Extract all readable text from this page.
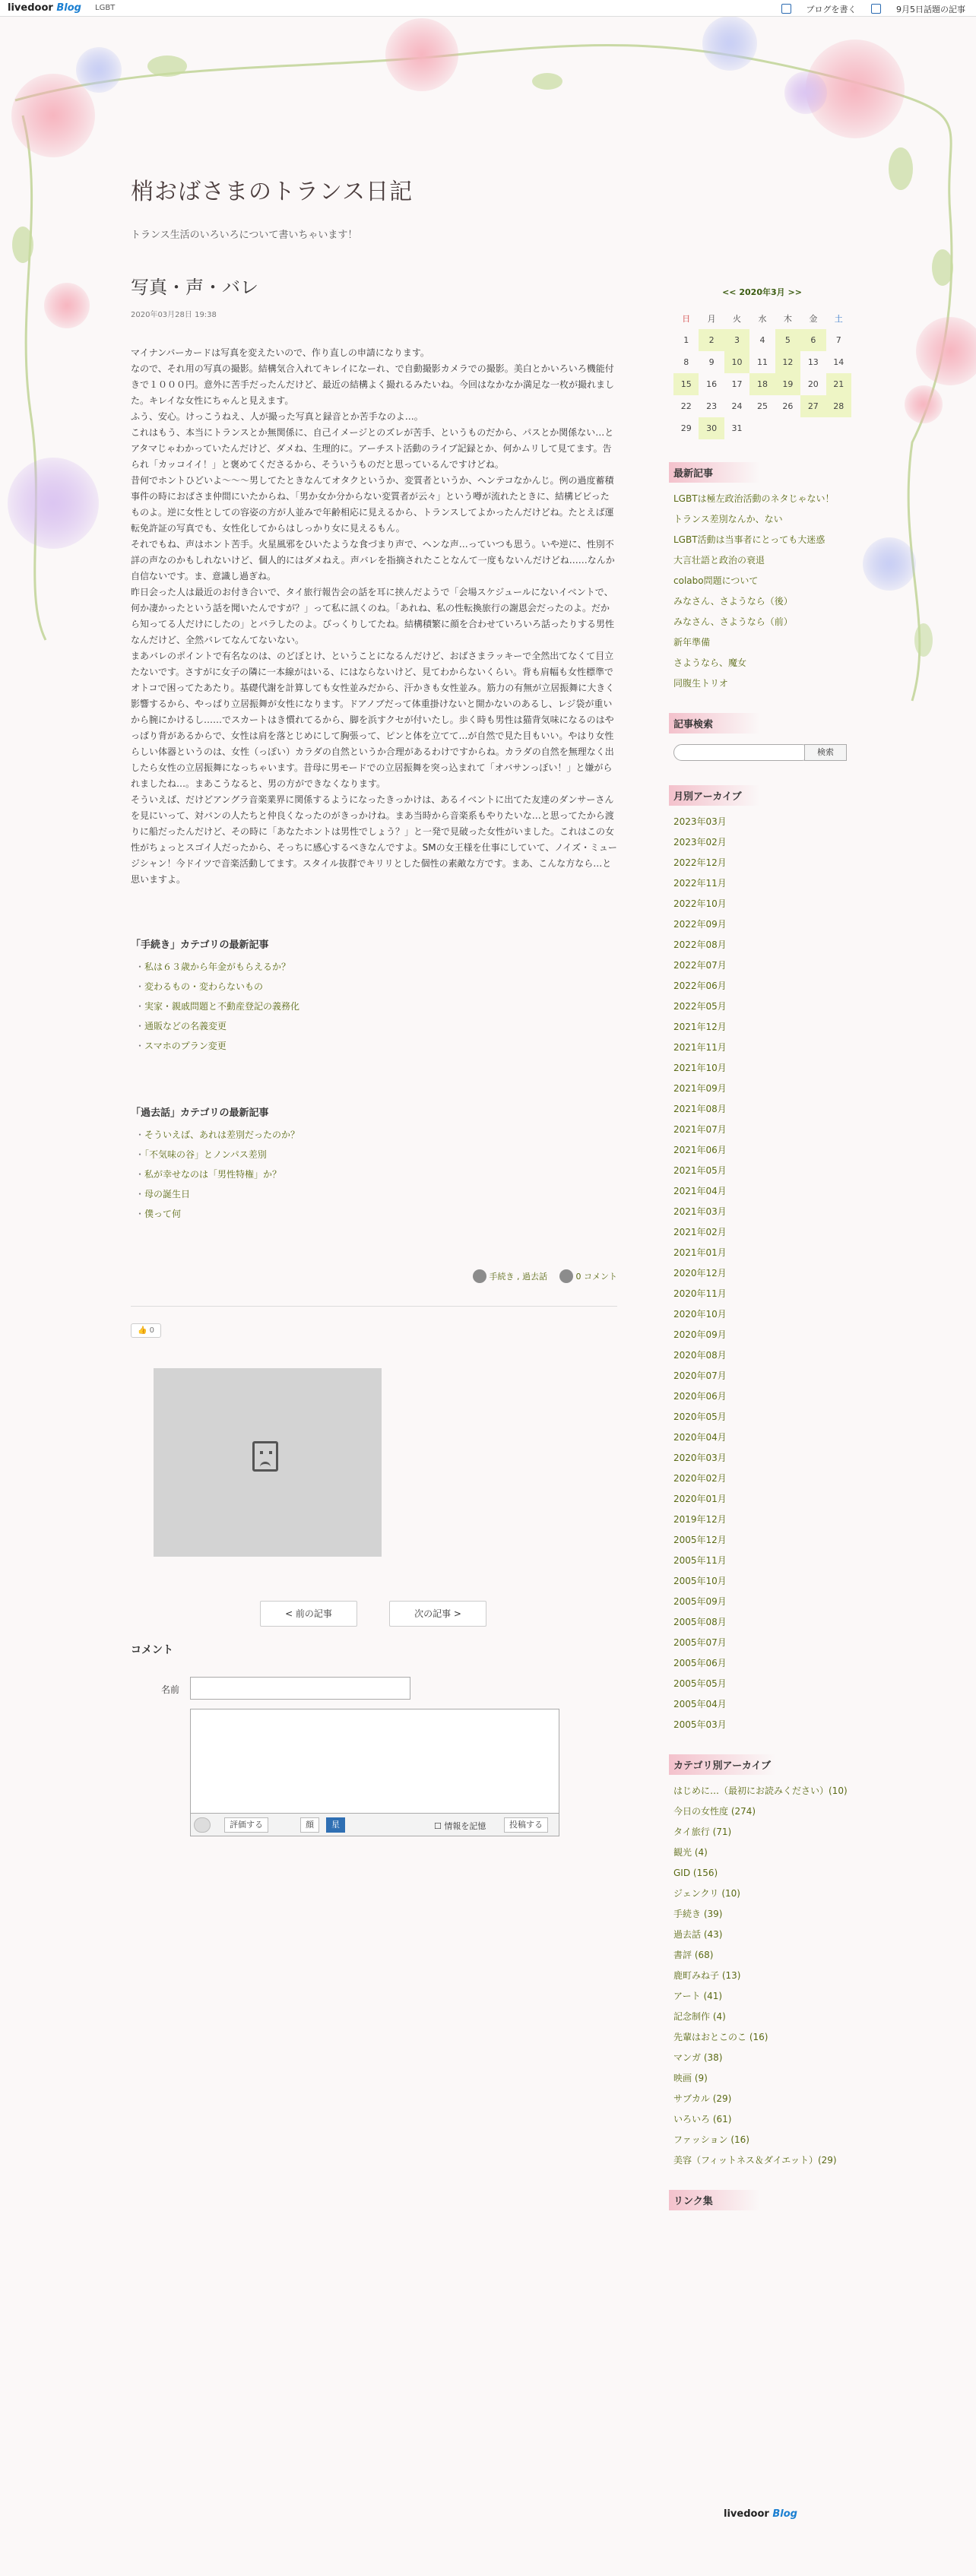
livedoor Blog LGBT	ブログを書く	9月5日話題の記事
梢おばさまのトランス日記
トランス生活のいろいろについて書いちゃいます！
写真・声・バレ
2020年03月28日 19:38

マイナンバーカードは写真を変えたいので、作り直しの申請になります。

なので、それ用の写真の撮影。結構気合入れてキレイになーれ、で自動撮影カメラでの撮影。美白とかいろいろ機能付きで１０００円。意外に苦手だったんだけど、最近の結構よく撮れるみたいね。今回はなかなか満足な一枚が撮れました。キレイな女性にちゃんと見えます。

ふう、安心。けっこうねえ、人が撮った写真と録音とか苦手なのよ…。

これはもう、本当にトランスとか無関係に、自己イメージとのズレが苦手、というものだから、パスとか関係ない…とアタマじゃわかっていたんだけど、ダメね、生理的に。アーチスト活動のライブ記録とか、何かムリして見てます。告られ「カッコイイ！」と褒めてくださるから、そういうものだと思っているんですけどね。

昔何でホントひどいよ〜〜〜男してたときなんてオタクというか、変質者というか、ヘンテコなかんじ。例の過度蓄積事件の時におばさま仲間にいたからね、「男か女か分からない変質者が云々」という噂が流れたときに、結構ビビったものよ。逆に女性としての容姿の方が人並みで年齢相応に見えるから、トランスしてよかったんだけどね。たとえば運転免許証の写真でも、女性化してからはしっかり女に見えるもん。

それでもね、声はホント苦手。火星風邪をひいたような食づまり声で、ヘンな声…っていつも思う。いや逆に、性別不詳の声なのかもしれないけど、個人的にはダメねえ。声バレを指摘されたことなんて一度もないんだけどね……なんか自信ないです。ま、意識し過ぎね。

昨日会った人は最近のお付き合いで、タイ旅行報告会の話を耳に挟んだようで「会場スケジュールにないイベントで、何か凄かったという話を聞いたんですが？」って私に訊くのね。「あれね、私の性転換旅行の謝恩会だったのよ。だから知ってる人だけにしたの」とバラしたのよ。びっくりしてたね。結構積繁に顔を合わせていろいろ話ったりする男性なんだけど、全然バレてなんてないない。

まあバレのポイントで有名なのは、のどぼとけ、ということになるんだけど、おばさまラッキーで全然出てなくて目立たないです。さすがに女子の隣に一本線がはいる、にはならないけど、見てわからないくらい。背も肩幅も女性標準でオトコで困ってたあたり。基礎代謝を計算しても女性並みだから、汗かきも女性並み。筋力の有無が立居振舞に大きく影響するから、やっぱり立居振舞が女性になります。ドアノブだって体重掛けないと開かないのあるし、レジ袋が重いから腕にかけるし……でスカートはき慣れてるから、脚を浜すクセが付いたし。歩く時も男性は猫背気味になるのはやっぱり背があるからで、女性は肩を落とじめにして胸張って、ピンと体を立てて…が自然で見た目もいい。やはり女性らしい体器というのは、女性（っぽい）カラダの自然というか合理があるわけですからね。カラダの自然を無理なく出したら女性の立居振舞になっちゃいます。昔母に男モードでの立居振舞を突っ込まれて「オバサンっぽい！」と嫌がられましたね…。まあこうなると、男の方ができなくなります。

そういえば、だけどアングラ音楽業界に関係するようになったきっかけは、あるイベントに出てた友達のダンサーさんを見にいって、対バンの人たちと仲良くなったのがきっかけね。まあ当時から音楽系もやりたいな…と思ってたから渡りに船だったんだけど、その時に「あなたホントは男性でしょう？」と一発で見破った女性がいました。これはこの女性がちょっとスゴイ人だったから、そっちに感心するべきなんですよ。SMの女王様を仕事にしていて、ノイズ・ミュージシャン！今ドイツで音楽活動してます。スタイル抜群でキリリとした個性の素敵な方です。まあ、こんな方なら…と思いますよ。

「手続き」カテゴリの最新記事
・ 私は６３歳から年金がもらえるか？
・ 変わるもの・変わらないもの
・ 実家・親戚問題と不動産登記の義務化
・ 通販などの名義変更
・ スマホのプラン変更
「過去話」カテゴリの最新記事
・ そういえば、あれは差別だったのか？
・ 「不気味の谷」とノンパス差別
・ 私が幸せなのは「男性特権」か？
・ 母の誕生日
・ 僕って何
手続き , 過去話	0 コメント
👍 0
< 前の記事	次の記事 >
コメント
名前
評価する	顔	星	☐ 情報を記憶	投稿する
<< 2020年3月 >>
日	月	火	水	木	金	土
1	2	3	4	5	6	7
8	9	10	11	12	13	14
15	16	17	18	19	20	21
22	23	24	25	26	27	28
29	30	31				
最新記事
LGBTは極左政治活動のネタじゃない！
トランス差別なんか、ない
LGBT活動は当事者にとっても大迷惑
大言壮語と政治の衰退
colabo問題について
みなさん、さようなら（後）
みなさん、さようなら（前）
新年準備
さようなら、魔女
同腹生トリオ
記事検索
検索
月別アーカイブ
2023年03月
2023年02月
2022年12月
2022年11月
2022年10月
2022年09月
2022年08月
2022年07月
2022年06月
2022年05月
2021年12月
2021年11月
2021年10月
2021年09月
2021年08月
2021年07月
2021年06月
2021年05月
2021年04月
2021年03月
2021年02月
2021年01月
2020年12月
2020年11月
2020年10月
2020年09月
2020年08月
2020年07月
2020年06月
2020年05月
2020年04月
2020年03月
2020年02月
2020年01月
2019年12月
2005年12月
2005年11月
2005年10月
2005年09月
2005年08月
2005年07月
2005年06月
2005年05月
2005年04月
2005年03月
カテゴリ別アーカイブ
はじめに…（最初にお読みください）(10)
今日の女性度 (274)
タイ旅行 (71)
観光 (4)
GID (156)
ジェンクリ (10)
手続き (39)
過去話 (43)
書評 (68)
鹿町みね子 (13)
アート (41)
記念制作 (4)
先輩はおとこのこ (16)
マンガ (38)
映画 (9)
サブカル (29)
いろいろ (61)
ファッション (16)
美容（フィットネス＆ダイエット）(29)
リンク集
livedoor Blog
